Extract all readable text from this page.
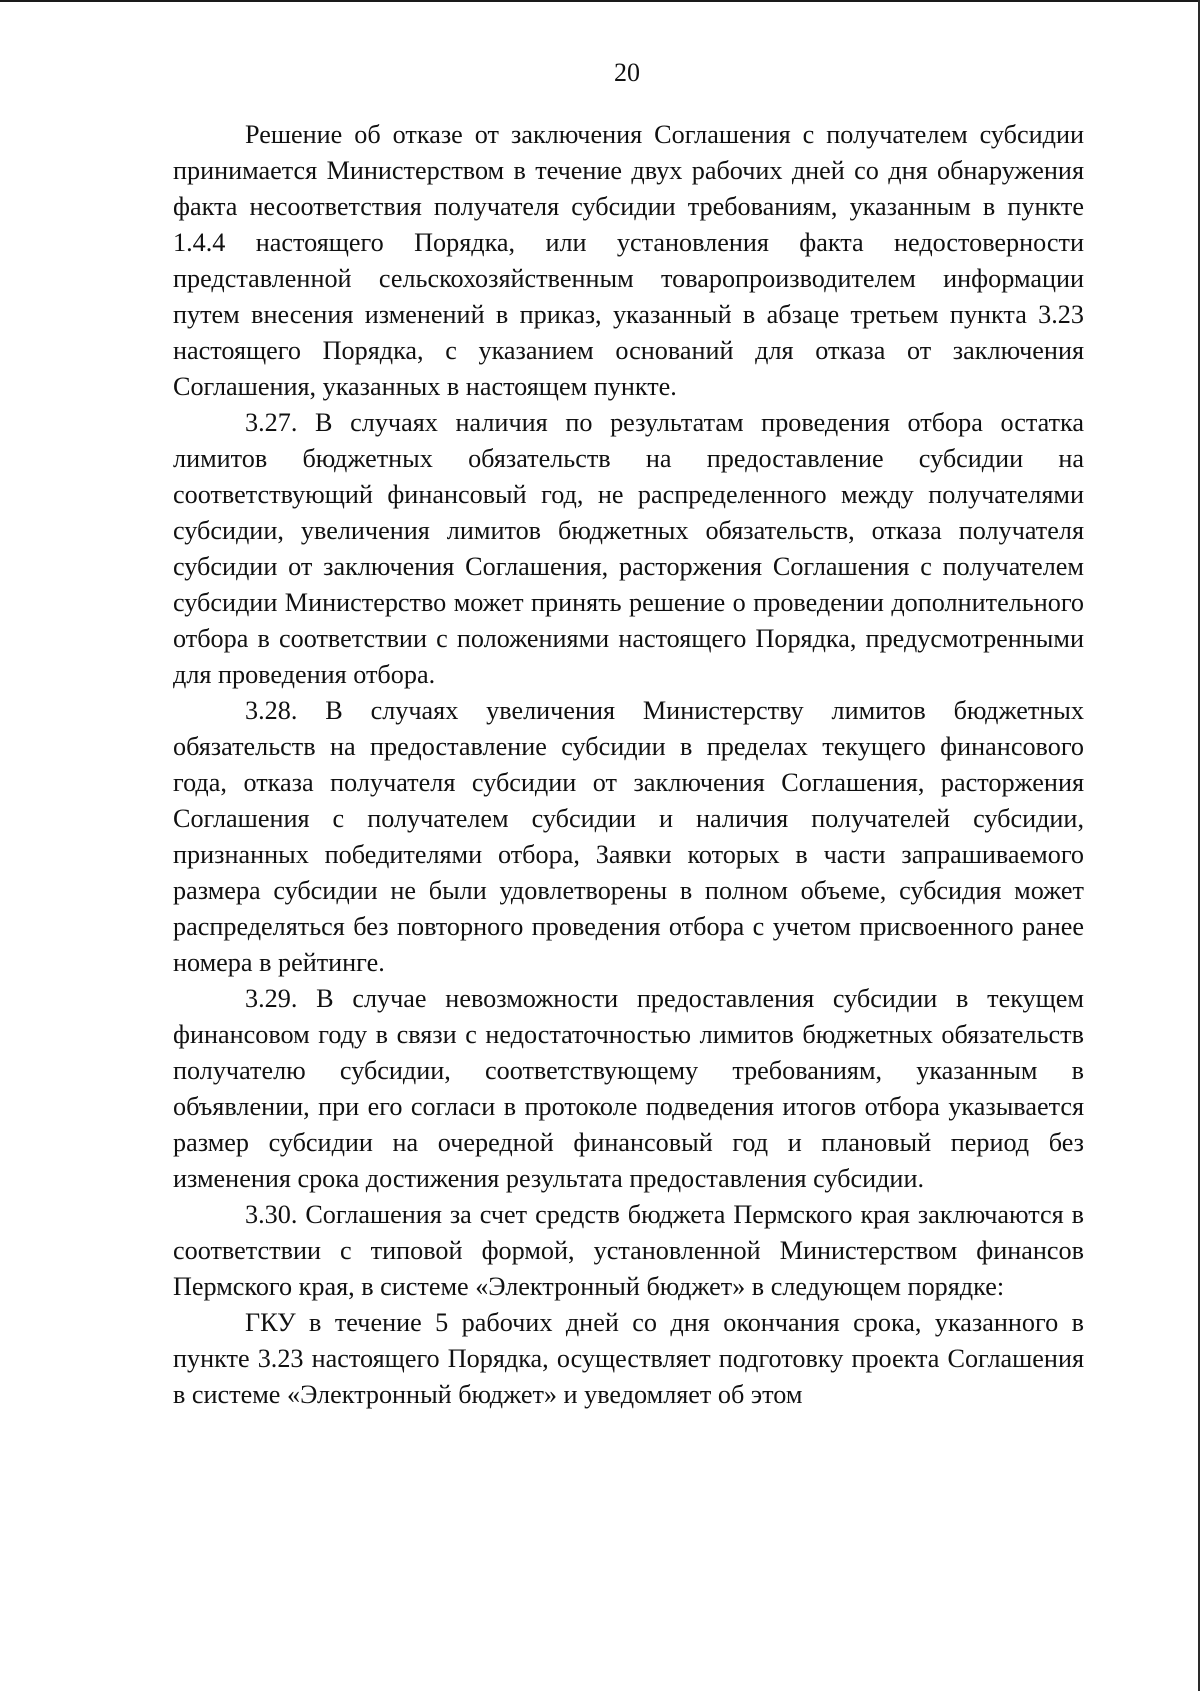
20

Решение об отказе от заключения Соглашения с получателем субсидии принимается Министерством в течение двух рабочих дней со дня обнаружения факта несоответствия получателя субсидии требованиям, указанным в пункте 1.4.4 настоящего Порядка, или установления факта недостоверности представленной сельскохозяйственным товаропроизводителем информации путем внесения изменений в приказ, указанный в абзаце третьем пункта 3.23 настоящего Порядка, с указанием оснований для отказа от заключения Соглашения, указанных в настоящем пункте.

3.27. В случаях наличия по результатам проведения отбора остатка лимитов бюджетных обязательств на предоставление субсидии на соответствующий финансовый год, не распределенного между получателями субсидии, увеличения лимитов бюджетных обязательств, отказа получателя субсидии от заключения Соглашения, расторжения Соглашения с получателем субсидии Министерство может принять решение о проведении дополнительного отбора в соответствии с положениями настоящего Порядка, предусмотренными для проведения отбора.

3.28. В случаях увеличения Министерству лимитов бюджетных обязательств на предоставление субсидии в пределах текущего финансового года, отказа получателя субсидии от заключения Соглашения, расторжения Соглашения с получателем субсидии и наличия получателей субсидии, признанных победителями отбора, Заявки которых в части запрашиваемого размера субсидии не были удовлетворены в полном объеме, субсидия может распределяться без повторного проведения отбора с учетом присвоенного ранее номера в рейтинге.

3.29. В случае невозможности предоставления субсидии в текущем финансовом году в связи с недостаточностью лимитов бюджетных обязательств получателю субсидии, соответствующему требованиям, указанным в объявлении, при его согласи в протоколе подведения итогов отбора указывается размер субсидии на очередной финансовый год и плановый период без изменения срока достижения результата предоставления субсидии.

3.30. Соглашения за счет средств бюджета Пермского края заключаются в соответствии с типовой формой, установленной Министерством финансов Пермского края, в системе «Электронный бюджет» в следующем порядке:

ГКУ в течение 5 рабочих дней со дня окончания срока, указанного в пункте 3.23 настоящего Порядка, осуществляет подготовку проекта Соглашения в системе «Электронный бюджет» и уведомляет об этом
